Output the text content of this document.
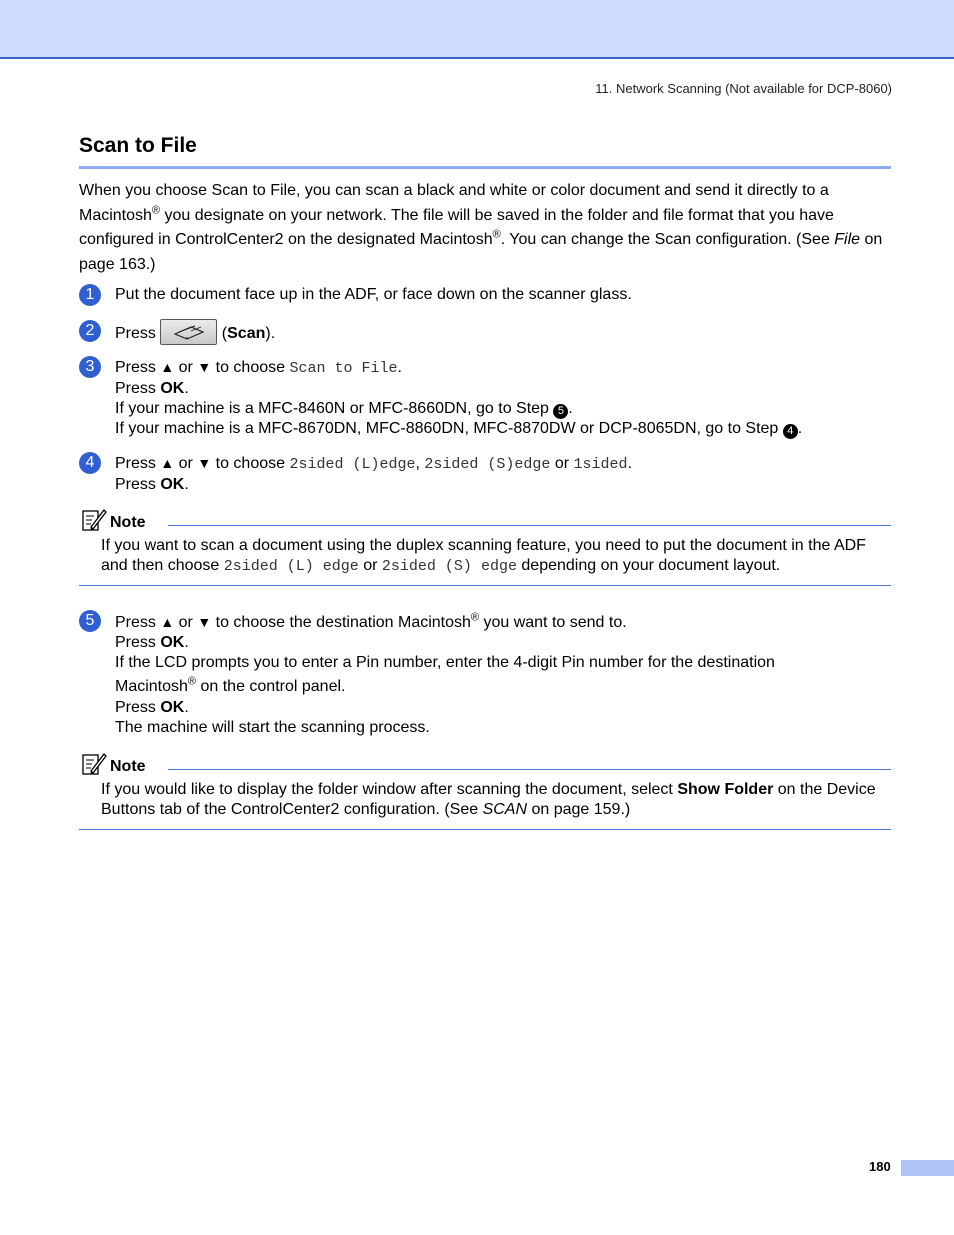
11. Network Scanning (Not available for DCP-8060)
Scan to File
When you choose Scan to File, you can scan a black and white or color document and send it directly to a Macintosh® you designate on your network. The file will be saved in the folder and file format that you have configured in ControlCenter2 on the designated Macintosh®. You can change the Scan configuration. (See File on page 163.)
1	Put the document face up in the ADF, or face down on the scanner glass.
2	Press	(Scan).
3	Press ▲ or ▼ to choose Scan to File.
Press OK.
If your machine is a MFC-8460N or MFC-8660DN, go to Step 5 .
If your machine is a MFC-8670DN, MFC-8860DN, MFC-8870DW or DCP-8065DN, go to Step 4 .
4	Press ▲ or ▼ to choose 2sided (L)edge, 2sided (S)edge or 1sided.
Press OK.
Note
If you want to scan a document using the duplex scanning feature, you need to put the document in the ADF and then choose 2sided (L) edge or 2sided (S) edge depending on your document layout.
5	Press ▲ or ▼ to choose the destination Macintosh® you want to send to.
Press OK.
If the LCD prompts you to enter a Pin number, enter the 4-digit Pin number for the destination
Macintosh® on the control panel.
Press OK.
The machine will start the scanning process.
Note
If you would like to display the folder window after scanning the document, select Show Folder on the Device Buttons tab of the ControlCenter2 configuration. (See SCAN on page 159.)
180
